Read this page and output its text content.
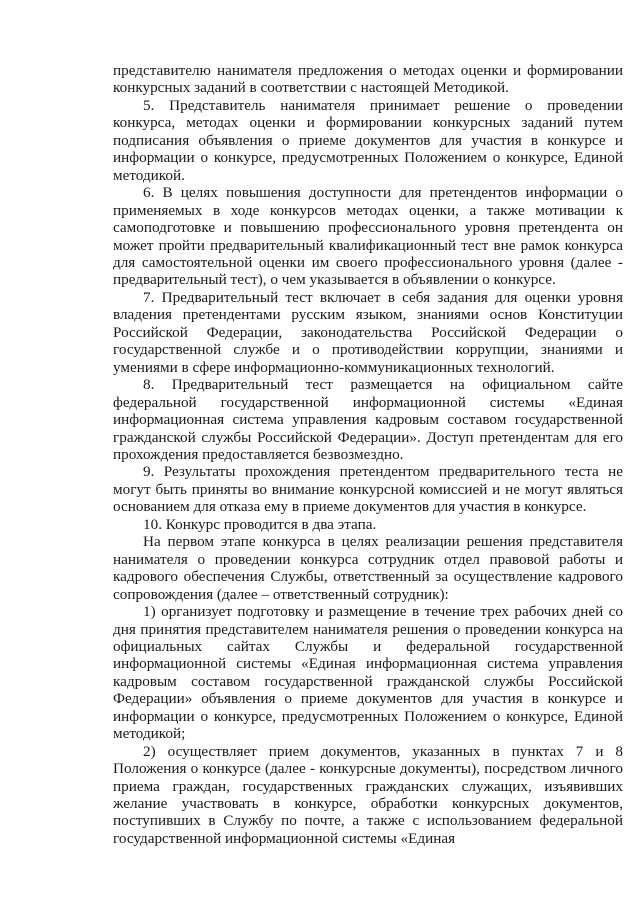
представителю нанимателя предложения о методах оценки и формировании конкурсных заданий в соответствии с настоящей Методикой.

5. Представитель нанимателя принимает решение о проведении конкурса, методах оценки и формировании конкурсных заданий путем подписания объявления о приеме документов для участия в конкурсе и информации о конкурсе, предусмотренных Положением о конкурсе, Единой методикой.

6. В целях повышения доступности для претендентов информации о применяемых в ходе конкурсов методах оценки, а также мотивации к самоподготовке и повышению профессионального уровня претендента он может пройти предварительный квалификационный тест вне рамок конкурса для самостоятельной оценки им своего профессионального уровня (далее - предварительный тест), о чем указывается в объявлении о конкурсе.

7. Предварительный тест включает в себя задания для оценки уровня владения претендентами русским языком, знаниями основ Конституции Российской Федерации, законодательства Российской Федерации о государственной службе и о противодействии коррупции, знаниями и умениями в сфере информационно-коммуникационных технологий.

8. Предварительный тест размещается на официальном сайте федеральной государственной информационной системы «Единая информационная система управления кадровым составом государственной гражданской службы Российской Федерации». Доступ претендентам для его прохождения предоставляется безвозмездно.

9. Результаты прохождения претендентом предварительного теста не могут быть приняты во внимание конкурсной комиссией и не могут являться основанием для отказа ему в приеме документов для участия в конкурсе.

10. Конкурс проводится в два этапа.

На первом этапе конкурса в целях реализации решения представителя нанимателя о проведении конкурса сотрудник отдел правовой работы и кадрового обеспечения Службы, ответственный за осуществление кадрового сопровождения (далее – ответственный сотрудник):

1) организует подготовку и размещение в течение трех рабочих дней со дня принятия представителем нанимателя решения о проведении конкурса на официальных сайтах Службы и федеральной государственной информационной системы «Единая информационная система управления кадровым составом государственной гражданской службы Российской Федерации» объявления о приеме документов для участия в конкурсе и информации о конкурсе, предусмотренных Положением о конкурсе, Единой методикой;

2) осуществляет прием документов, указанных в пунктах 7 и 8 Положения о конкурсе (далее - конкурсные документы), посредством личного приема граждан, государственных гражданских служащих, изъявивших желание участвовать в конкурсе, обработки конкурсных документов, поступивших в Службу по почте, а также с использованием федеральной государственной информационной системы «Единая
